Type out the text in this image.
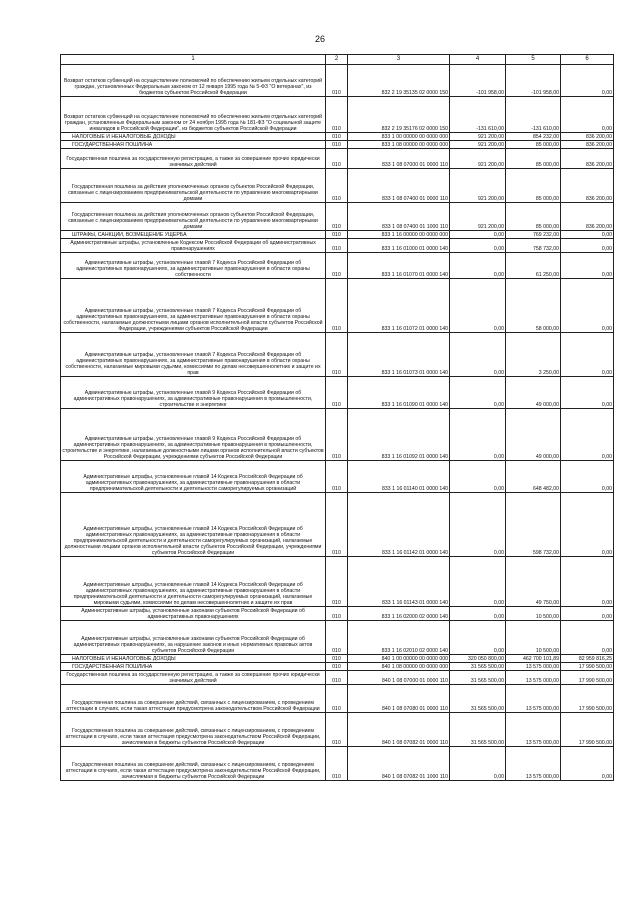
26
1	2	3	4	5	6

Возврат остатков субвенций на осуществление полномочий по обеспечению жильем отдельных категорий граждан, установленных Федеральным законом от 12 января 1995 года № 5-ФЗ "О ветеранах", из бюджетов субъектов Российской Федерации	010	832 2 19 35135 02 0000 150	-101 958,00	-101 958,00	0,00

Возврат остатков субвенций на осуществление полномочий по обеспечению жильем отдельных категорий граждан, установленных Федеральным законом от 24 ноября 1995 года № 181-ФЗ "О социальной защите инвалидов в Российской Федерации", из бюджетов субъектов Российской Федерации	010	832 2 19 35176 02 0000 150	-131 610,00	-131 610,00	0,00

НАЛОГОВЫЕ И НЕНАЛОГОВЫЕ ДОХОДЫ	010	833 1 00 00000 00 0000 000	921 200,00	854 232,00	836 200,00

ГОСУДАРСТВЕННАЯ ПОШЛИНА	010	833 1 08 00000 00 0000 000	921 200,00	85 000,00	836 200,00

Государственная пошлина за государственную регистрацию, а также за совершение прочих юридически значимых действий	010	833 1 08 07000 01 0000 110	921 200,00	85 000,00	836 200,00

Государственная пошлина за действия уполномоченных органов субъектов Российской Федерации, связанные с лицензированием предпринимательской деятельности по управлению многоквартирными домами	010	833 1 08 07400 01 0000 110	921 200,00	85 000,00	836 200,00

Государственная пошлина за действия уполномоченных органов субъектов Российской Федерации, связанные с лицензированием предпринимательской деятельности по управлению многоквартирными домами	010	833 1 08 07400 01 1000 110	921 200,00	85 000,00	836 200,00

ШТРАФЫ, САНКЦИИ, ВОЗМЕЩЕНИЕ УЩЕРБА	010	833 1 16 00000 00 0000 000	0,00	769 232,00	0,00

Административные штрафы, установленные Кодексом Российской Федерации об административных правонарушениях	010	833 1 16 01000 01 0000 140	0,00	758 732,00	0,00

Административные штрафы, установленные главой 7 Кодекса Российской Федерации об административных правонарушениях, за административные правонарушения в области охраны собственности	010	833 1 16 01070 01 0000 140	0,00	61 250,00	0,00

Административные штрафы, установленные главой 7 Кодекса Российской Федерации об административных правонарушениях, за административные правонарушения в области охраны собственности, налагаемые должностными лицами органов исполнительной власти субъектов Российской Федерации, учреждениями субъектов Российской Федерации	010	833 1 16 01072 01 0000 140	0,00	58 000,00	0,00

Административные штрафы, установленные главой 7 Кодекса Российской Федерации об административных правонарушениях, за административные правонарушения в области охраны собственности, налагаемые мировыми судьями, комиссиями по делам несовершеннолетних и защите их прав	010	833 1 16 01073 01 0000 140	0,00	3 250,00	0,00

Административные штрафы, установленные главой 9 Кодекса Российской Федерации об административных правонарушениях, за административные правонарушения в промышленности, строительстве и энергетике	010	833 1 16 01090 01 0000 140	0,00	49 000,00	0,00

Административные штрафы, установленные главой 9 Кодекса Российской Федерации об административных правонарушениях, за административные правонарушения в промышленности, строительстве и энергетике, налагаемые должностными лицами органов исполнительной власти субъектов Российской Федерации, учреждениями субъектов Российской Федерации	010	833 1 16 01092 01 0000 140	0,00	49 000,00	0,00

Административные штрафы, установленные главой 14 Кодекса Российской Федерации об административных правонарушениях, за административные правонарушения в области предпринимательской деятельности и деятельности саморегулируемых организаций	010	833 1 16 01140 01 0000 140	0,00	648 482,00	0,00

Административные штрафы, установленные главой 14 Кодекса Российской Федерации об административных правонарушениях, за административные правонарушения в области предпринимательской деятельности и деятельности саморегулируемых организаций, налагаемые должностными лицами органов исполнительной власти субъектов Российской Федерации, учреждениями субъектов Российской Федерации	010	833 1 16 01142 01 0000 140	0,00	598 732,00	0,00

Административные штрафы, установленные главой 14 Кодекса Российской Федерации об административных правонарушениях, за административные правонарушения в области предпринимательской деятельности и деятельности саморегулируемых организаций, налагаемые мировыми судьями, комиссиями по делам несовершеннолетних и защите их прав	010	833 1 16 01143 01 0000 140	0,00	49 750,00	0,00

Административные штрафы, установленные законами субъектов Российской Федерации об административных правонарушениях	010	833 1 16 02000 02 0000 140	0,00	10 500,00	0,00

Административные штрафы, установленные законами субъектов Российской Федерации об административных правонарушениях, за нарушение законов и иных нормативных правовых актов субъектов Российской Федерации	010	833 1 16 02010 02 0000 140	0,00	10 500,00	0,00

НАЛОГОВЫЕ И НЕНАЛОГОВЫЕ ДОХОДЫ	010	840 1 00 00000 00 0000 000	320 050 800,00	462 700 101,89	82 959 816,25

ГОСУДАРСТВЕННАЯ ПОШЛИНА	010	840 1 08 00000 00 0000 000	31 565 500,00	13 575 000,00	17 990 500,00

Государственная пошлина за государственную регистрацию, а также за совершение прочих юридически значимых действий	010	840 1 08 07000 01 0000 110	31 565 500,00	13 575 000,00	17 990 500,00

Государственная пошлина за совершение действий, связанных с лицензированием, с проведением аттестации в случаях, если такая аттестация предусмотрена законодательством Российской Федерации	010	840 1 08 07080 01 0000 110	31 565 500,00	13 575 000,00	17 990 500,00

Государственная пошлина за совершение действий, связанных с лицензированием, с проведением аттестации в случаях, если такая аттестация предусмотрена законодательством Российской Федерации, зачисляемая в бюджеты субъектов Российской Федерации	010	840 1 08 07082 01 0000 110	31 565 500,00	13 575 000,00	17 990 500,00

Государственная пошлина за совершение действий, связанных с лицензированием, с проведением аттестации в случаях, если такая аттестация предусмотрена законодательством Российской Федерации, зачисляемая в бюджеты субъектов Российской Федерации	010	840 1 08 07082 01 1000 110	0,00	13 575 000,00	0,00
